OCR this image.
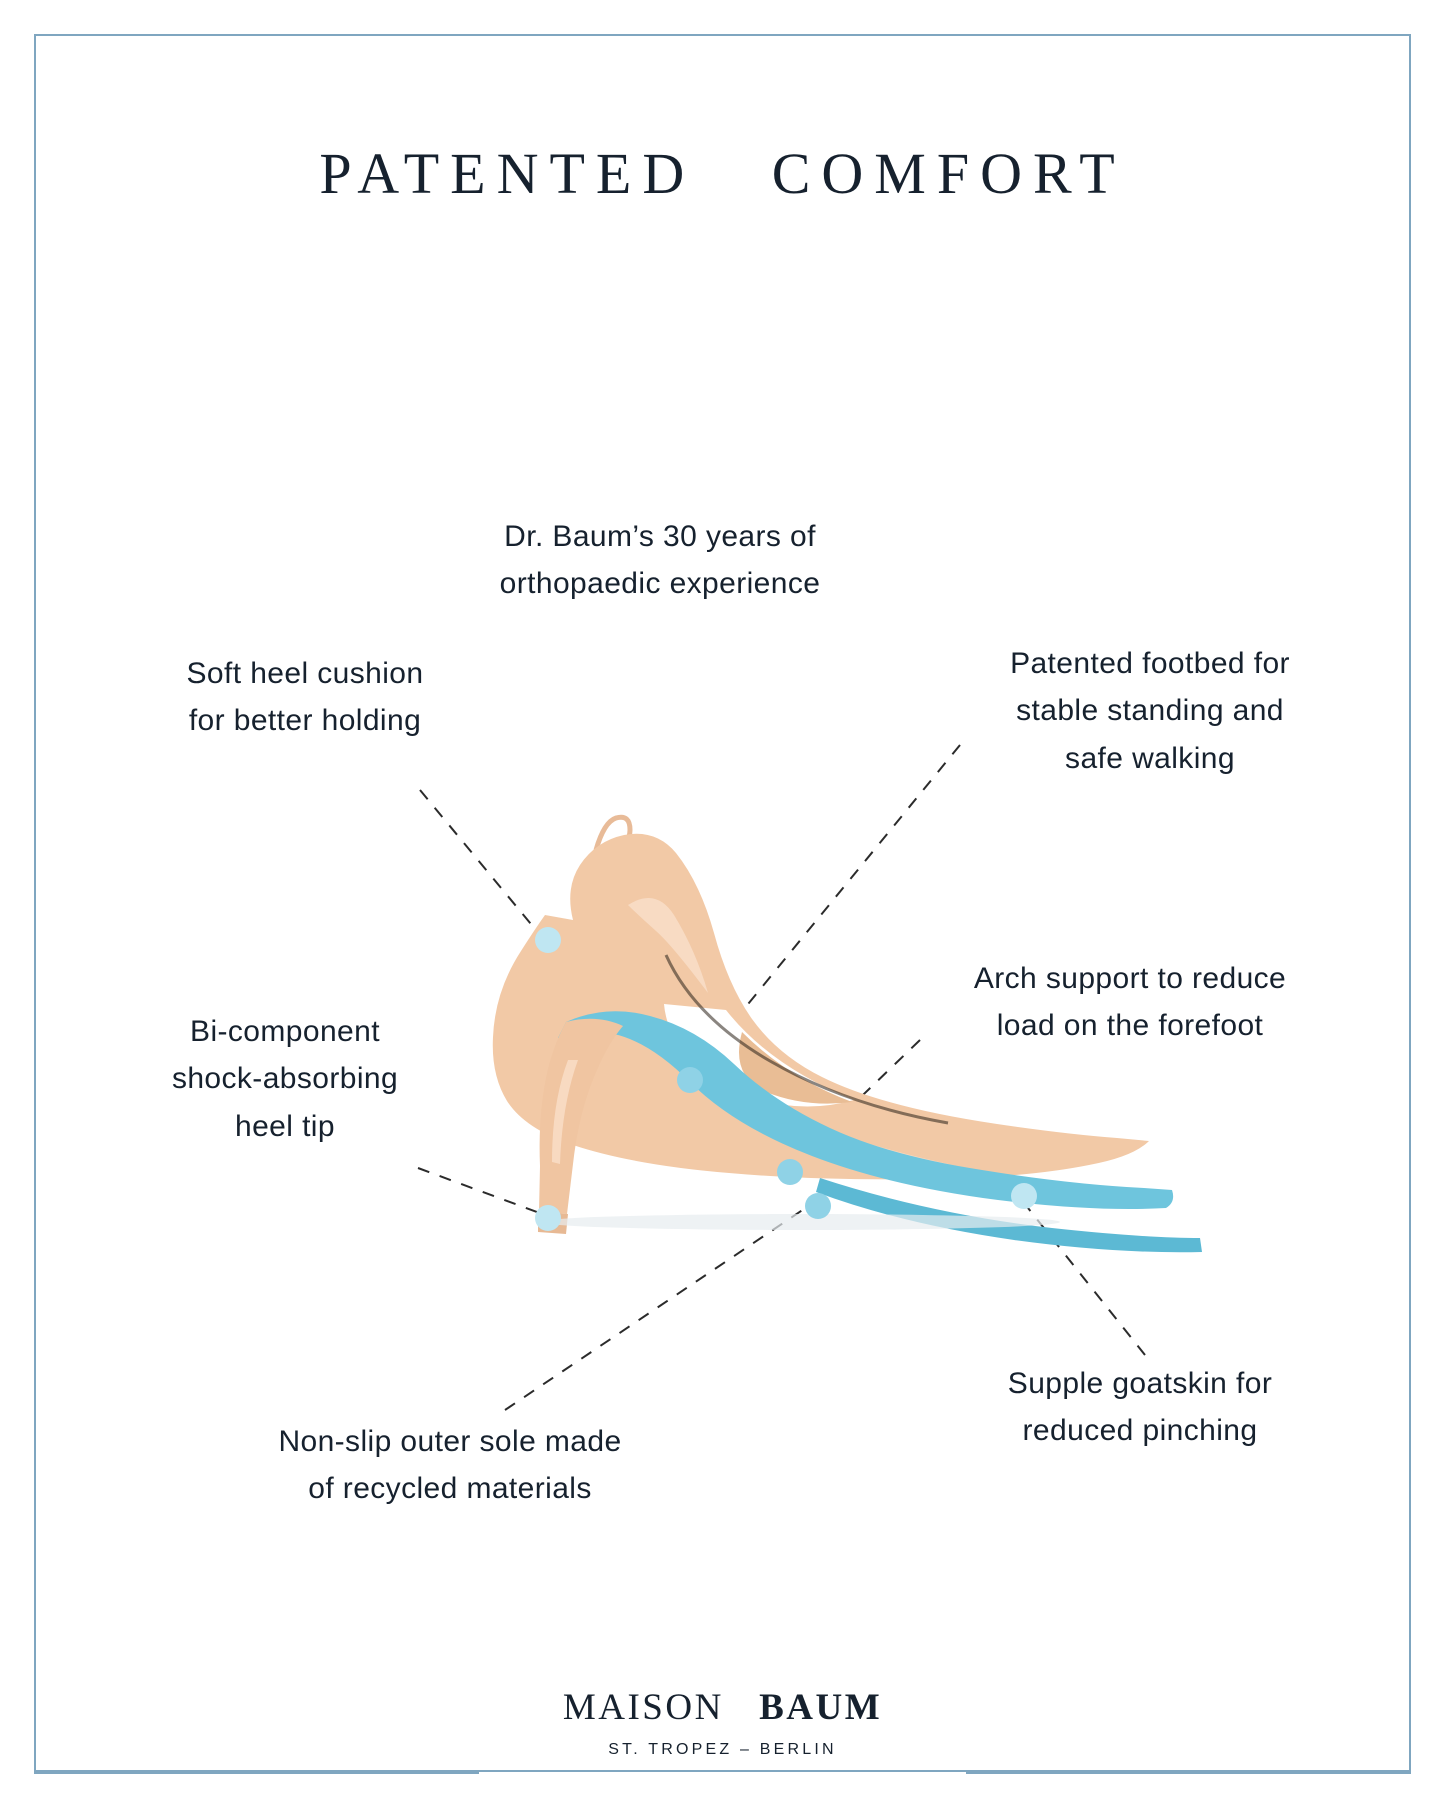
PATENTED COMFORT
Dr. Baum’s 30 years of
orthopaedic experience
Soft heel cushion
for better holding
Patented footbed for
stable standing and
safe walking
Bi-component
shock-absorbing
heel tip
Arch support to reduce
load on the forefoot
Non-slip outer sole made
of recycled materials
Supple goatskin for
reduced pinching
MAISON BAUM
ST. TROPEZ – BERLIN
